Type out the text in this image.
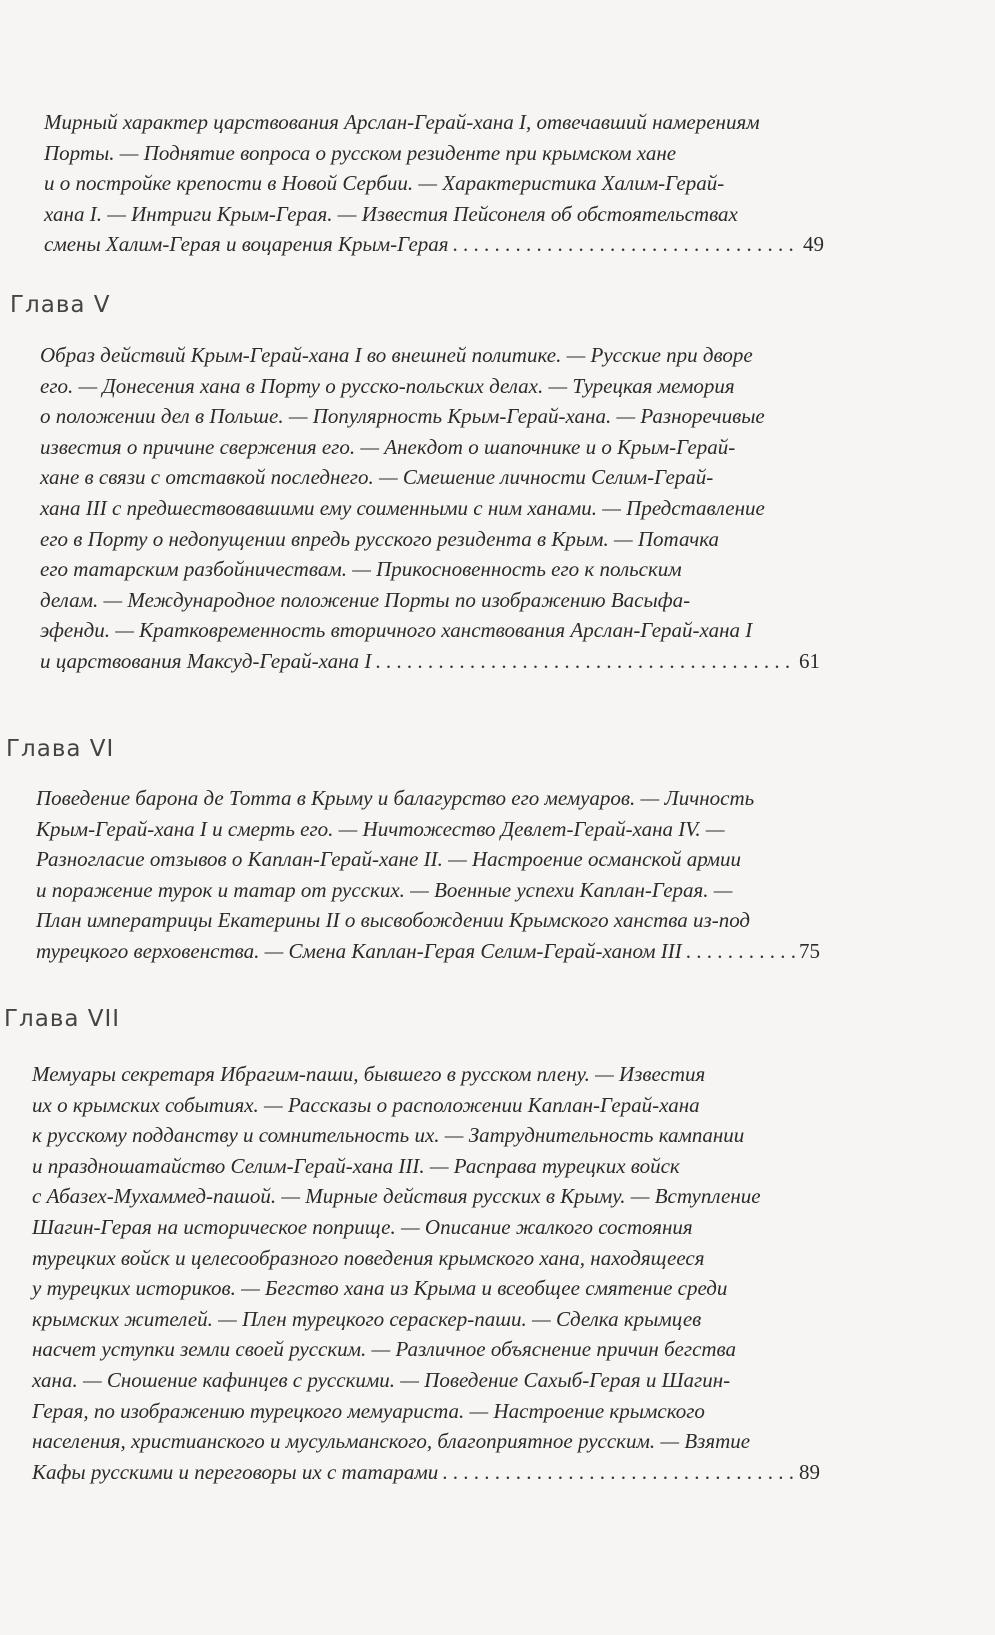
Мирный характер царствования Арслан-Герай-хана I, отвечавший намерениям
Порты. — Поднятие вопроса о русском резиденте при крымском хане
и о постройке крепости в Новой Сербии. — Характеристика Халим-Герай-
хана I. — Интриги Крым-Герая. — Известия Пейсонеля об обстоятельствах
смены Халим-Герая и воцарения Крым-Герая . . .	49
Глава V
Образ действий Крым-Герай-хана I во внешней политике. — Русские при дворе
его. — Донесения хана в Порту о русско-польских делах. — Турецкая мемория
о положении дел в Польше. — Популярность Крым-Герай-хана. — Разноречивые
известия о причине свержения его. — Анекдот о шапочнике и о Крым-Герай-
хане в связи с отставкой последнего. — Смешение личности Селим-Герай-
хана III с предшествовавшими ему соименными с ним ханами. — Представление
его в Порту о недопущении впредь русского резидента в Крым. — Потачка
его татарским разбойничествам. — Прикосновенность его к польским
делам. — Международное положение Порты по изображению Васыфа-
эфенди. — Кратковременность вторичного ханствования Арслан-Герай-хана I
и царствования Максуд-Герай-хана I . . .	61
Глава VI
Поведение барона де Тотта в Крыму и балагурство его мемуаров. — Личность
Крым-Герай-хана I и смерть его. — Ничтожество Девлет-Герай-хана IV. —
Разногласие отзывов о Каплан-Герай-хане II. — Настроение османской армии
и поражение турок и татар от русских. — Военные успехи Каплан-Герая. —
План императрицы Екатерины II о высвобождении Крымского ханства из-под
турецкого верховенства. — Смена Каплан-Герая Селим-Герай-ханом III . . .	75
Глава VII
Мемуары секретаря Ибрагим-паши, бывшего в русском плену. — Известия
их о крымских событиях. — Рассказы о расположении Каплан-Герай-хана
к русскому подданству и сомнительность их. — Затруднительность кампании
и праздношатайство Селим-Герай-хана III. — Расправа турецких войск
с Абазех-Мухаммед-пашой. — Мирные действия русских в Крыму. — Вступление
Шагин-Герая на историческое поприще. — Описание жалкого состояния
турецких войск и целесообразного поведения крымского хана, находящееся
у турецких историков. — Бегство хана из Крыма и всеобщее смятение среди
крымских жителей. — Плен турецкого сераскер-паши. — Сделка крымцев
насчет уступки земли своей русским. — Различное объяснение причин бегства
хана. — Сношение кафинцев с русскими. — Поведение Сахыб-Герая и Шагин-
Герая, по изображению турецкого мемуариста. — Настроение крымского
населения, христианского и мусульманского, благоприятное русским. — Взятие
Кафы русскими и переговоры их с татарами . . .	89
